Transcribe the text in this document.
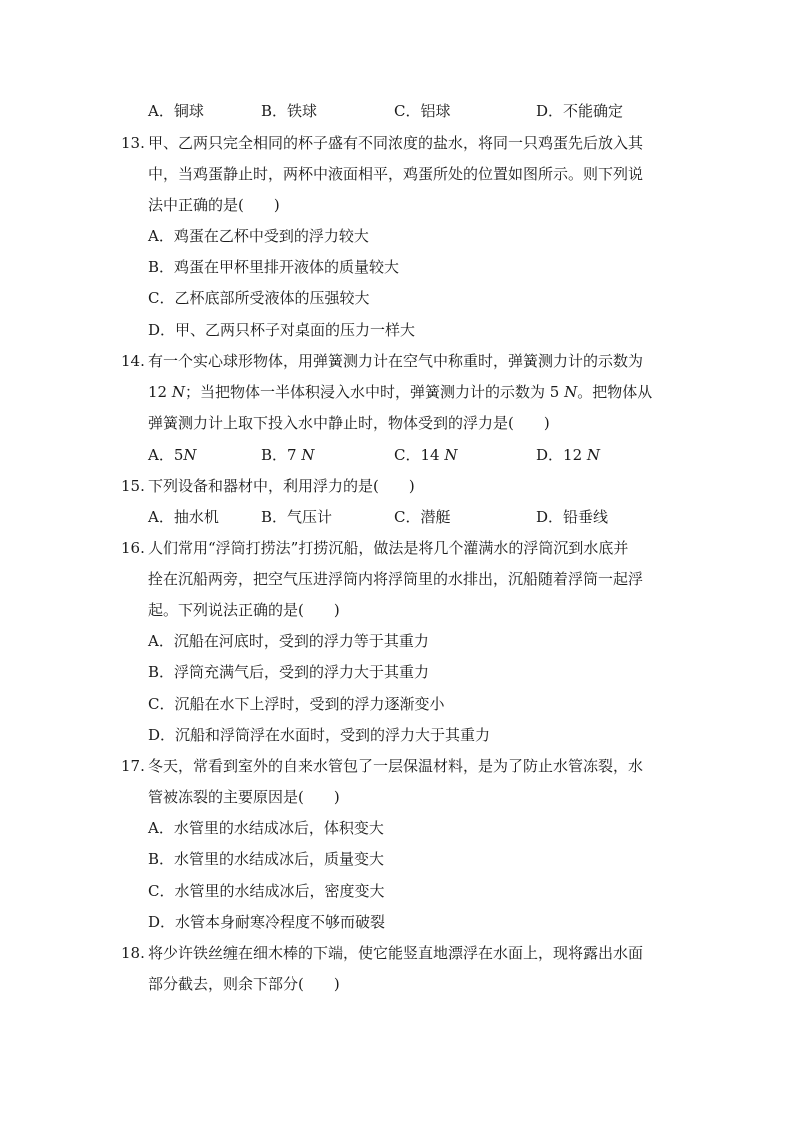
A．铜球	B．铁球	C．铝球	D．不能确定
13. 甲、乙两只完全相同的杯子盛有不同浓度的盐水，将同一只鸡蛋先后放入其
中，当鸡蛋静止时，两杯中液面相平，鸡蛋所处的位置如图所示。则下列说
法中正确的是(　　)
A．鸡蛋在乙杯中受到的浮力较大
B．鸡蛋在甲杯里排开液体的质量较大
C．乙杯底部所受液体的压强较大
D．甲、乙两只杯子对桌面的压力一样大
14. 有一个实心球形物体，用弹簧测力计在空气中称重时，弹簧测力计的示数为
12 N；当把物体一半体积浸入水中时，弹簧测力计的示数为 5 N。把物体从
弹簧测力计上取下投入水中静止时，物体受到的浮力是(　　)
A．5N	B．7 N	C．14 N	D．12 N
15. 下列设备和器材中，利用浮力的是(　　)
A．抽水机	B．气压计	C．潜艇	D．铅垂线
16. 人们常用“浮筒打捞法”打捞沉船，做法是将几个灌满水的浮筒沉到水底并
拴在沉船两旁，把空气压进浮筒内将浮筒里的水排出，沉船随着浮筒一起浮
起。下列说法正确的是(　　)
A．沉船在河底时，受到的浮力等于其重力
B．浮筒充满气后，受到的浮力大于其重力
C．沉船在水下上浮时，受到的浮力逐渐变小
D．沉船和浮筒浮在水面时，受到的浮力大于其重力
17. 冬天，常看到室外的自来水管包了一层保温材料，是为了防止水管冻裂，水
管被冻裂的主要原因是(　　)
A．水管里的水结成冰后，体积变大
B．水管里的水结成冰后，质量变大
C．水管里的水结成冰后，密度变大
D．水管本身耐寒冷程度不够而破裂
18. 将少许铁丝缠在细木棒的下端，使它能竖直地漂浮在水面上，现将露出水面
部分截去，则余下部分(　　)
